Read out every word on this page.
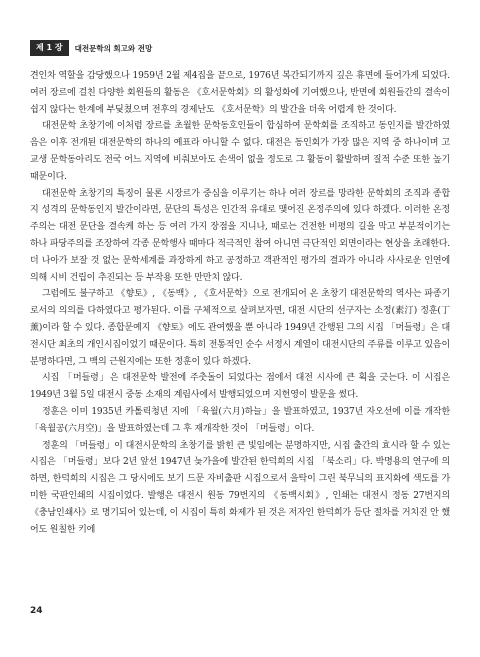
제 1 장	대전문학의 회고와 전망

견인차 역할을 감당했으나 1959년 2월 제4집을 끝으로, 1976년 복간되기까지 깊은 휴면에 들어가게 되었다. 여러 장르에 걸친 다양한 회원들의 활동은 《호서문학회》의 활성화에 기여했으나, 반면에 회원들간의 결속이 쉽지 않다는 한계에 부딪쳤으며 전후의 경제난도 《호서문학》의 발간을 더욱 어렵게 한 것이다.

대전문학 초창기에 이처럼 장르를 초월한 문학동호인들이 합심하여 문학회를 조직하고 동인지를 발간하였음은 이후 전개된 대전문학의 하나의 예표라 아니할 수 없다. 대전은 동인회가 가장 많은 지역 중 하나이며 고교생 문학동아리도 전국 어느 지역에 비춰보아도 손색이 없을 정도로 그 활동이 활발하며 질적 수준 또한 높기 때문이다.

대전문학 초창기의 특징이 물론 시장르가 중심을 이루기는 하나 여러 장르를 망라한 문학회의 조직과 종합지 성격의 문학동인지 발간이라면, 문단의 특성은 인간적 유대로 맺어진 온정주의에 있다 하겠다. 이러한 온정주의는 대전 문단을 결속케 하는 등 여러 가지 장점을 지니나, 때로는 건전한 비평의 길을 막고 부분적이기는 하나 파당주의를 조장하여 각종 문학행사 때마다 적극적인 참여 아니면 극단적인 외면이라는 현상을 초래한다. 더 나아가 보잘 것 없는 문학세계를 과장하게 하고 공정하고 객관적인 평가의 결과가 아니라 사사로운 인연에 의해 시비 건립이 추진되는 등 부작용 또한 만만치 않다.

그럼에도 불구하고 《향토》, 《동백》, 《호서문학》으로 전개되어 온 초창기 대전문학의 역사는 파종기로서의 의의를 다하였다고 평가된다. 이를 구체적으로 살펴보자면, 대전 시단의 선구자는 소정(素汀) 정훈(丁薰)이라 할 수 있다. 종합문예지 《향토》에도 관여했을 뿐 아니라 1949년 간행된 그의 시집 「머들령」은 대전시단 최초의 개인시집이었기 때문이다. 특히 전통적인 순수 서정시 계열이 대전시단의 주류를 이루고 있음이 분명하다면, 그 백의 근원지에는 또한 정훈이 있다 하겠다.

시집 「머들령」은 대전문학 발전에 주춧돌이 되었다는 점에서 대전 시사에 큰 획을 긋는다. 이 시집은 1949년 3월 5일 대전시 중동 소재의 계림사에서 발행되었으며 지헌영이 발문을 썼다.

정훈은 이미 1935년 카톨릭청년 지에 「육월(六月)하늘」을 발표하였고, 1937년 자오선에 이를 개작한 「육월공(六月空)」을 발표하였는데 그 후 재개작한 것이 「머들령」이다.

정훈의 「머들령」이 대전시문학의 초창기를 밝힌 큰 빛임에는 분명하지만, 시집 출간의 효시라 할 수 있는 시집은 「머들령」보다 2년 앞선 1947년 늦가을에 발간된 한덕희의 시집 「북소리」다. 박명용의 연구에 의하면, 한덕희의 시집은 그 당시에도 보기 드문 자비출판 시집으로서 을탁이 그린 북무늬의 표지화에 색도를 가미한 국판인쇄의 시집이었다. 발행은 대전시 원동 79번지의 《동백시회》, 인쇄는 대전시 정동 27번지의 《충남인쇄사》로 명기되어 있는데, 이 시집이 특히 화제가 된 것은 저자인 한덕희가 등단 절차를 거치진 안 했어도 원칠한 키에

24
